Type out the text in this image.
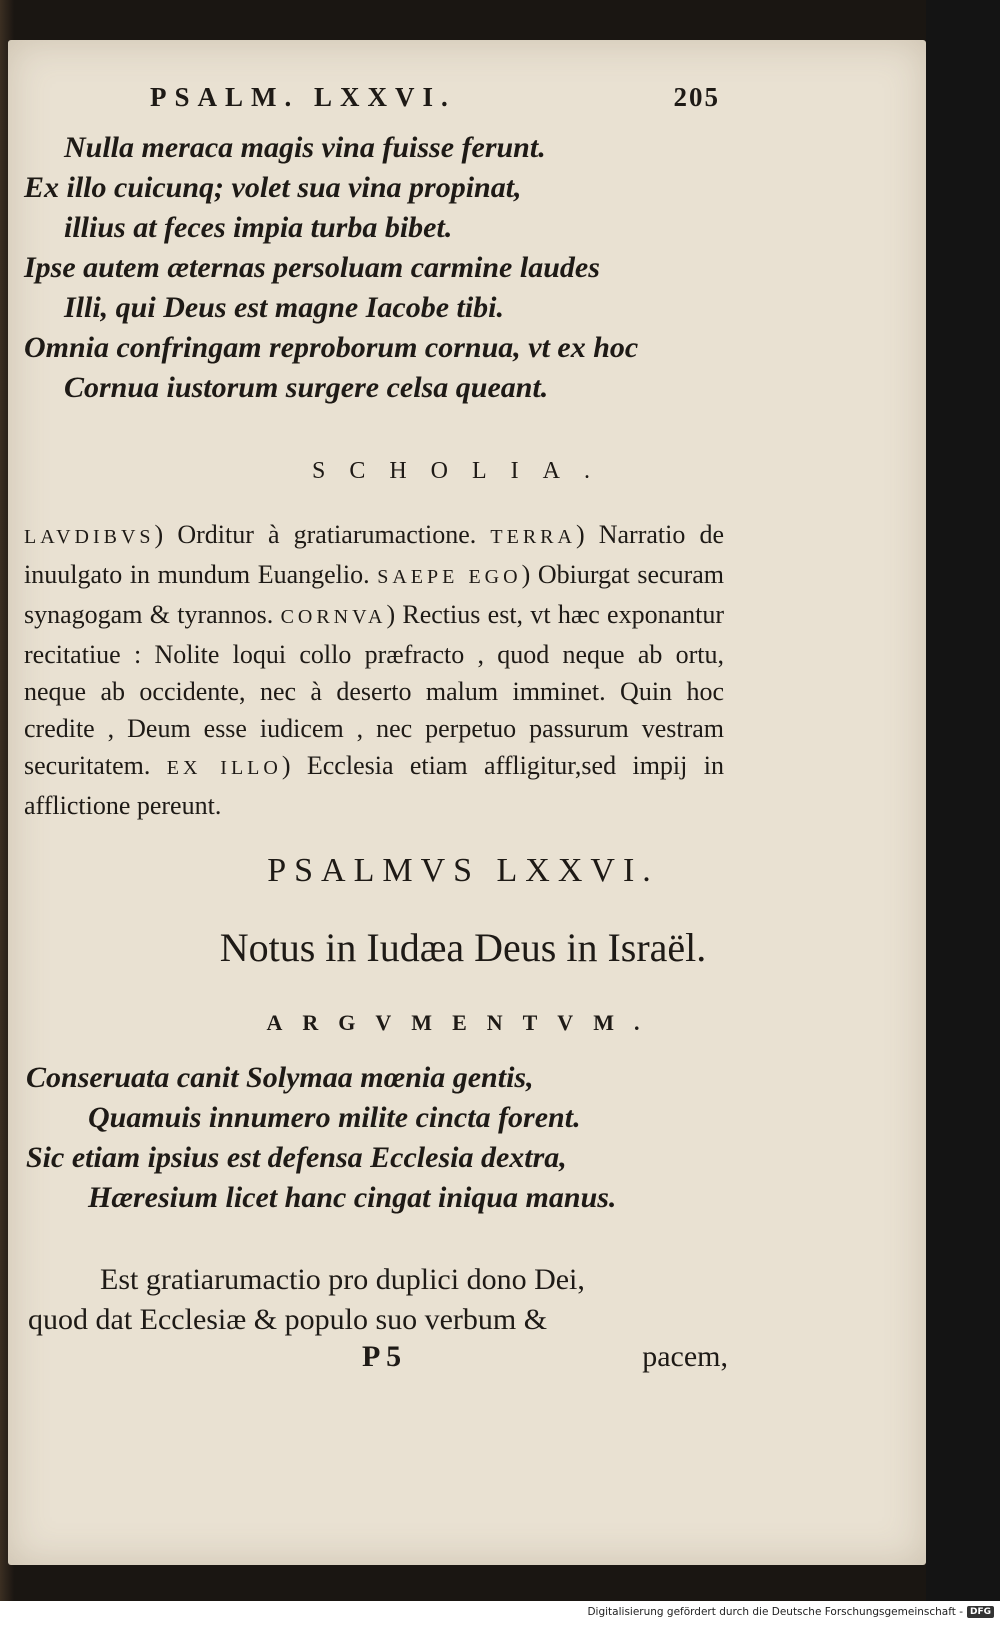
PSALM. LXXVI.	205
Nulla meraca magis vina fuisse ferunt.
Ex illo cuicunq; volet sua vina propinat,
illius at feces impia turba bibet.
Ipse autem æternas persoluam carmine laudes
Illi, qui Deus est magne Iacobe tibi.
Omnia confringam reproborum cornua, vt ex hoc
Cornua iustorum surgere celsa queant.
SCHOLIA.
LAVDIBVS) Orditur à gratiarumactione. TERRA) Narratio de inuulgato in mundum Euangelio. SAEPE EGO) Obiurgat securam synagogam & tyrannos. CORNVA) Rectius est, vt hæc exponantur recitatiue : Nolite loqui collo præfracto , quod neque ab ortu, neque ab occidente, nec à deserto malum imminet. Quin hoc credite , Deum esse iudicem , nec perpetuo passurum vestram securitatem. EX ILLO) Ecclesia etiam affligitur,sed impij in afflictione pereunt.
PSALMVS LXXVI.
Notus in Iudæa Deus in Israël.
ARGVMENTVM.
Conseruata canit Solymaa mœnia gentis,
Quamuis innumero milite cincta forent.
Sic etiam ipsius est defensa Ecclesia dextra,
Hæresium licet hanc cingat iniqua manus.
Est gratiarumactio pro duplici dono Dei,
quod dat Ecclesiæ & populo suo verbum &
P 5	pacem,
Digitalisierung gefördert durch die Deutsche Forschungsgemeinschaft - DFG
